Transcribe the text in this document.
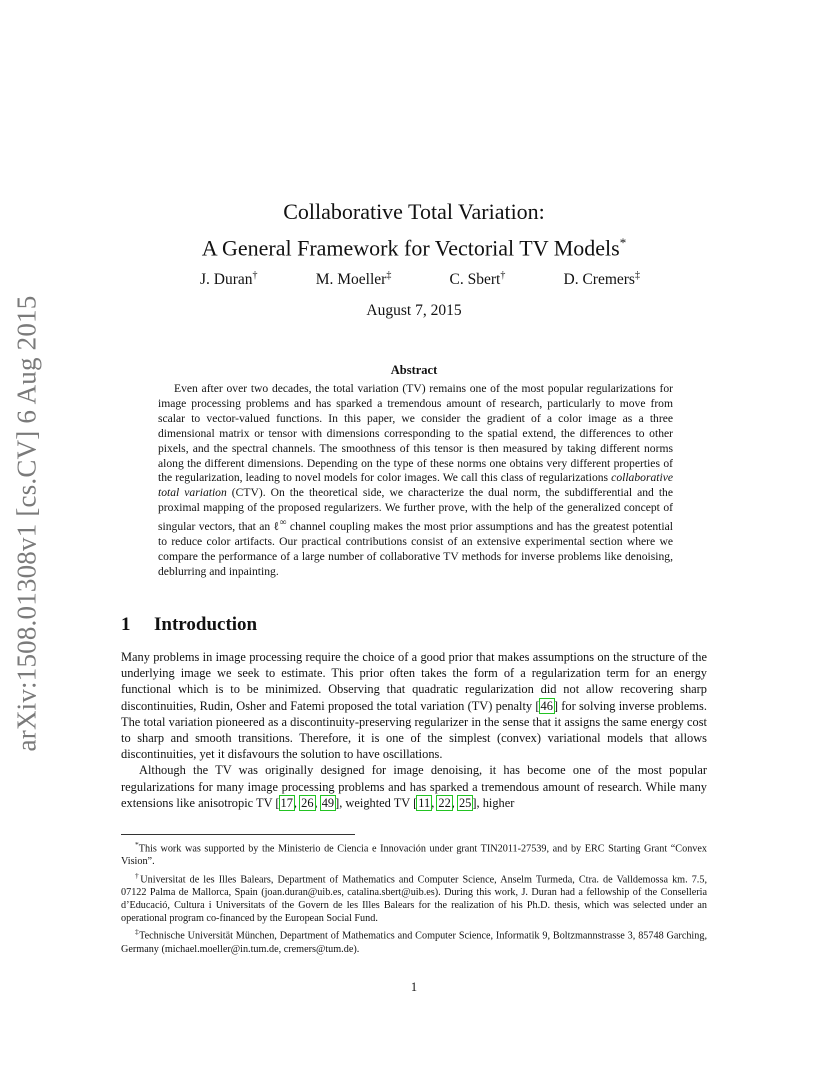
arXiv:1508.01308v1 [cs.CV] 6 Aug 2015
Collaborative Total Variation:
A General Framework for Vectorial TV Models*
J. Duran†	M. Moeller‡	C. Sbert†	D. Cremers‡
August 7, 2015
Abstract

Even after over two decades, the total variation (TV) remains one of the most popular regularizations for image processing problems and has sparked a tremendous amount of research, particularly to move from scalar to vector-valued functions. In this paper, we consider the gradient of a color image as a three dimensional matrix or tensor with dimensions corresponding to the spatial extend, the differences to other pixels, and the spectral channels. The smoothness of this tensor is then measured by taking different norms along the different dimensions. Depending on the type of these norms one obtains very different properties of the regularization, leading to novel models for color images. We call this class of regularizations collaborative total variation (CTV). On the theoretical side, we characterize the dual norm, the subdifferential and the proximal mapping of the proposed regularizers. We further prove, with the help of the generalized concept of singular vectors, that an ℓ∞ channel coupling makes the most prior assumptions and has the greatest potential to reduce color artifacts. Our practical contributions consist of an extensive experimental section where we compare the performance of a large number of collaborative TV methods for inverse problems like denoising, deblurring and inpainting.

1 Introduction

Many problems in image processing require the choice of a good prior that makes assumptions on the structure of the underlying image we seek to estimate. This prior often takes the form of a regularization term for an energy functional which is to be minimized. Observing that quadratic regularization did not allow recovering sharp discontinuities, Rudin, Osher and Fatemi proposed the total variation (TV) penalty [46] for solving inverse problems. The total variation pioneered as a discontinuity-preserving regularizer in the sense that it assigns the same energy cost to sharp and smooth transitions. Therefore, it is one of the simplest (convex) variational models that allows discontinuities, yet it disfavours the solution to have oscillations.

Although the TV was originally designed for image denoising, it has become one of the most popular regularizations for many image processing problems and has sparked a tremendous amount of research. While many extensions like anisotropic TV [17, 26, 49], weighted TV [11, 22, 25], higher

*This work was supported by the Ministerio de Ciencia e Innovación under grant TIN2011-27539, and by ERC Starting Grant “Convex Vision”.

†Universitat de les Illes Balears, Department of Mathematics and Computer Science, Anselm Turmeda, Ctra. de Valldemossa km. 7.5, 07122 Palma de Mallorca, Spain (joan.duran@uib.es, catalina.sbert@uib.es). During this work, J. Duran had a fellowship of the Conselleria d’Educació, Cultura i Universitats of the Govern de les Illes Balears for the realization of his Ph.D. thesis, which was selected under an operational program co-financed by the European Social Fund.

‡Technische Universität München, Department of Mathematics and Computer Science, Informatik 9, Boltzmannstrasse 3, 85748 Garching, Germany (michael.moeller@in.tum.de, cremers@tum.de).

1
